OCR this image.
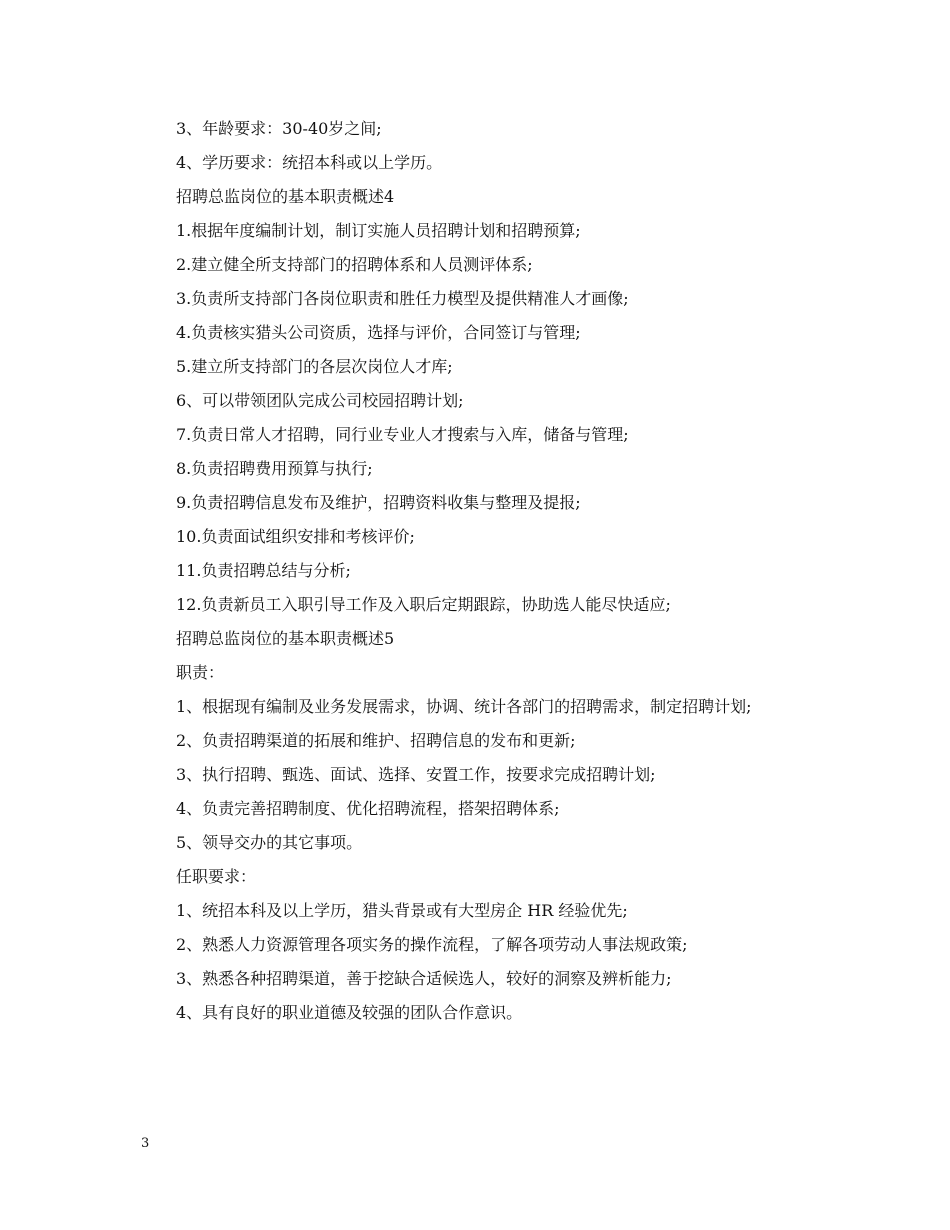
3、年龄要求：30-40岁之间;

4、学历要求：统招本科或以上学历。

招聘总监岗位的基本职责概述4

1.根据年度编制计划，制订实施人员招聘计划和招聘预算;

2.建立健全所支持部门的招聘体系和人员测评体系;

3.负责所支持部门各岗位职责和胜任力模型及提供精准人才画像;

4.负责核实猎头公司资质，选择与评价，合同签订与管理;

5.建立所支持部门的各层次岗位人才库;

6、可以带领团队完成公司校园招聘计划;

7.负责日常人才招聘，同行业专业人才搜索与入库，储备与管理;

8.负责招聘费用预算与执行;

9.负责招聘信息发布及维护，招聘资料收集与整理及提报;

10.负责面试组织安排和考核评价;

11.负责招聘总结与分析;

12.负责新员工入职引导工作及入职后定期跟踪，协助选人能尽快适应;

招聘总监岗位的基本职责概述5

职责：

1、根据现有编制及业务发展需求，协调、统计各部门的招聘需求，制定招聘计划;

2、负责招聘渠道的拓展和维护、招聘信息的发布和更新;

3、执行招聘、甄选、面试、选择、安置工作，按要求完成招聘计划;

4、负责完善招聘制度、优化招聘流程，搭架招聘体系;

5、领导交办的其它事项。

任职要求：

1、统招本科及以上学历，猎头背景或有大型房企 HR 经验优先;

2、熟悉人力资源管理各项实务的操作流程，了解各项劳动人事法规政策;

3、熟悉各种招聘渠道，善于挖缺合适候选人，较好的洞察及辨析能力;

4、具有良好的职业道德及较强的团队合作意识。

3
